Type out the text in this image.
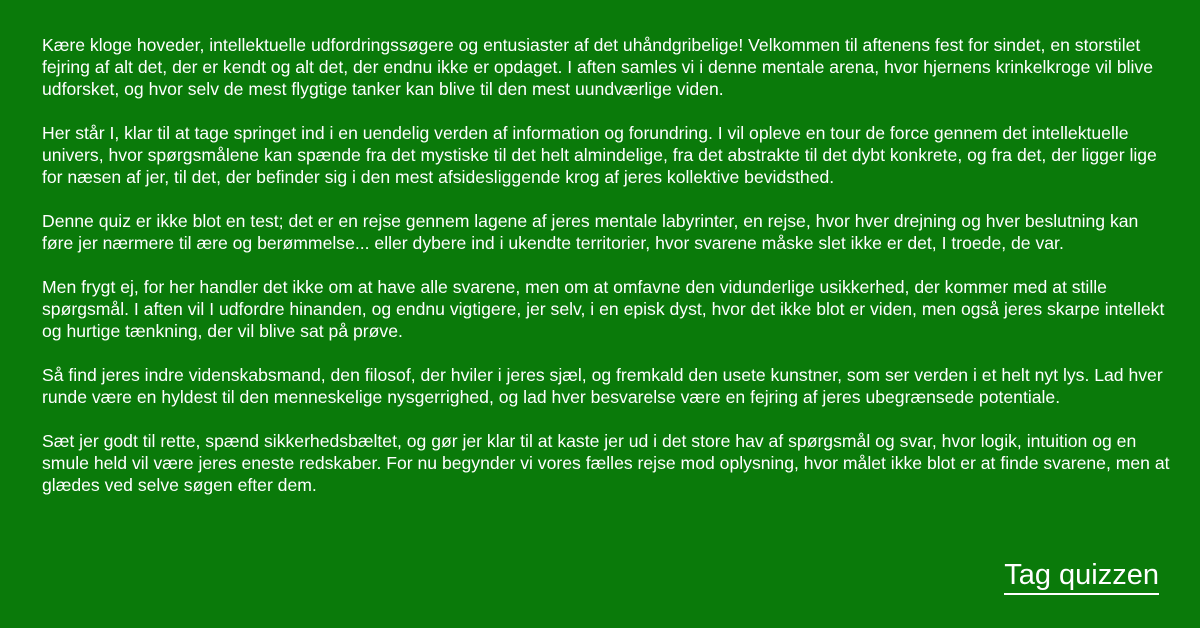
Kære kloge hoveder, intellektuelle udfordringssøgere og entusiaster af det uhåndgribelige! Velkommen til aftenens fest for sindet, en storstilet fejring af alt det, der er kendt og alt det, der endnu ikke er opdaget. I aften samles vi i denne mentale arena, hvor hjernens krinkelkroge vil blive udforsket, og hvor selv de mest flygtige tanker kan blive til den mest uundværlige viden.

Her står I, klar til at tage springet ind i en uendelig verden af information og forundring. I vil opleve en tour de force gennem det intellektuelle univers, hvor spørgsmålene kan spænde fra det mystiske til det helt almindelige, fra det abstrakte til det dybt konkrete, og fra det, der ligger lige for næsen af jer, til det, der befinder sig i den mest afsidesliggende krog af jeres kollektive bevidsthed.

Denne quiz er ikke blot en test; det er en rejse gennem lagene af jeres mentale labyrinter, en rejse, hvor hver drejning og hver beslutning kan føre jer nærmere til ære og berømmelse... eller dybere ind i ukendte territorier, hvor svarene måske slet ikke er det, I troede, de var.

Men frygt ej, for her handler det ikke om at have alle svarene, men om at omfavne den vidunderlige usikkerhed, der kommer med at stille spørgsmål. I aften vil I udfordre hinanden, og endnu vigtigere, jer selv, i en episk dyst, hvor det ikke blot er viden, men også jeres skarpe intellekt og hurtige tænkning, der vil blive sat på prøve.

Så find jeres indre videnskabsmand, den filosof, der hviler i jeres sjæl, og fremkald den usete kunstner, som ser verden i et helt nyt lys. Lad hver runde være en hyldest til den menneskelige nysgerrighed, og lad hver besvarelse være en fejring af jeres ubegrænsede potentiale.

Sæt jer godt til rette, spænd sikkerhedsbæltet, og gør jer klar til at kaste jer ud i det store hav af spørgsmål og svar, hvor logik, intuition og en smule held vil være jeres eneste redskaber. For nu begynder vi vores fælles rejse mod oplysning, hvor målet ikke blot er at finde svarene, men at glædes ved selve søgen efter dem.

Tag quizzen
